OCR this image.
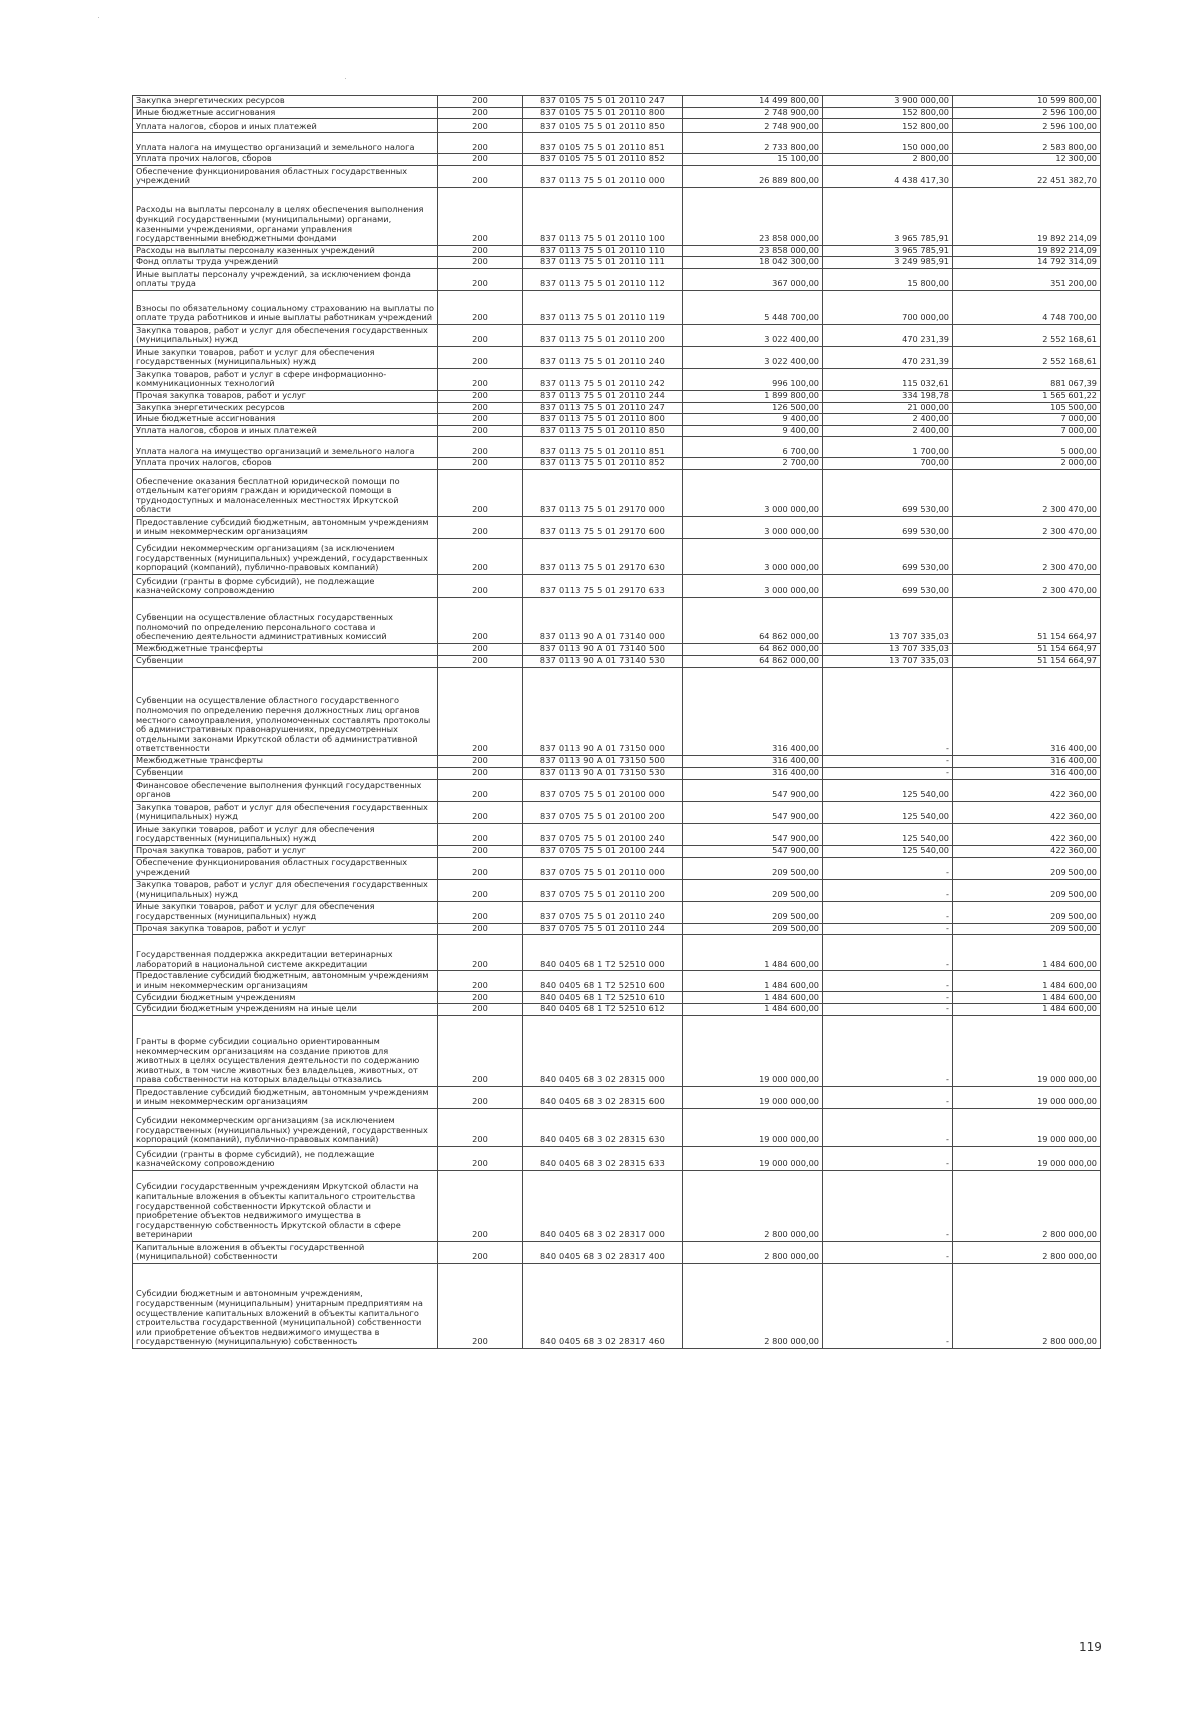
Закупка энергетических ресурсов	200	837 0105 75 5 01 20110 247	14 499 800,00	3 900 000,00	10 599 800,00
Иные бюджетные ассигнования	200	837 0105 75 5 01 20110 800	2 748 900,00	152 800,00	2 596 100,00
Уплата налогов, сборов и иных платежей	200	837 0105 75 5 01 20110 850	2 748 900,00	152 800,00	2 596 100,00
Уплата налога на имущество организаций и земельного налога	200	837 0105 75 5 01 20110 851	2 733 800,00	150 000,00	2 583 800,00
Уплата прочих налогов, сборов	200	837 0105 75 5 01 20110 852	15 100,00	2 800,00	12 300,00
Обеспечение функционирования областных государственных учреждений	200	837 0113 75 5 01 20110 000	26 889 800,00	4 438 417,30	22 451 382,70
Расходы на выплаты персоналу в целях обеспечения выполнения функций государственными (муниципальными) органами, казенными учреждениями, органами управления государственными внебюджетными фондами	200	837 0113 75 5 01 20110 100	23 858 000,00	3 965 785,91	19 892 214,09
Расходы на выплаты персоналу казенных учреждений	200	837 0113 75 5 01 20110 110	23 858 000,00	3 965 785,91	19 892 214,09
Фонд оплаты труда учреждений	200	837 0113 75 5 01 20110 111	18 042 300,00	3 249 985,91	14 792 314,09
Иные выплаты персоналу учреждений, за исключением фонда оплаты труда	200	837 0113 75 5 01 20110 112	367 000,00	15 800,00	351 200,00
Взносы по обязательному социальному страхованию на выплаты по оплате труда работников и иные выплаты работникам учреждений	200	837 0113 75 5 01 20110 119	5 448 700,00	700 000,00	4 748 700,00
Закупка товаров, работ и услуг для обеспечения государственных (муниципальных) нужд	200	837 0113 75 5 01 20110 200	3 022 400,00	470 231,39	2 552 168,61
Иные закупки товаров, работ и услуг для обеспечения государственных (муниципальных) нужд	200	837 0113 75 5 01 20110 240	3 022 400,00	470 231,39	2 552 168,61
Закупка товаров, работ и услуг в сфере информационно-коммуникационных технологий	200	837 0113 75 5 01 20110 242	996 100,00	115 032,61	881 067,39
Прочая закупка товаров, работ и услуг	200	837 0113 75 5 01 20110 244	1 899 800,00	334 198,78	1 565 601,22
Закупка энергетических ресурсов	200	837 0113 75 5 01 20110 247	126 500,00	21 000,00	105 500,00
Иные бюджетные ассигнования	200	837 0113 75 5 01 20110 800	9 400,00	2 400,00	7 000,00
Уплата налогов, сборов и иных платежей	200	837 0113 75 5 01 20110 850	9 400,00	2 400,00	7 000,00
Уплата налога на имущество организаций и земельного налога	200	837 0113 75 5 01 20110 851	6 700,00	1 700,00	5 000,00
Уплата прочих налогов, сборов	200	837 0113 75 5 01 20110 852	2 700,00	700,00	2 000,00
Обеспечение оказания бесплатной юридической помощи по отдельным категориям граждан и юридической помощи в труднодоступных и малонаселенных местностях Иркутской области	200	837 0113 75 5 01 29170 000	3 000 000,00	699 530,00	2 300 470,00
Предоставление субсидий бюджетным, автономным учреждениям и иным некоммерческим организациям	200	837 0113 75 5 01 29170 600	3 000 000,00	699 530,00	2 300 470,00
Субсидии некоммерческим организациям (за исключением государственных (муниципальных) учреждений, государственных корпораций (компаний), публично-правовых компаний)	200	837 0113 75 5 01 29170 630	3 000 000,00	699 530,00	2 300 470,00
Субсидии (гранты в форме субсидий), не подлежащие казначейскому сопровождению	200	837 0113 75 5 01 29170 633	3 000 000,00	699 530,00	2 300 470,00
Субвенции на осуществление областных государственных полномочий по определению персонального состава и обеспечению деятельности административных комиссий	200	837 0113 90 А 01 73140 000	64 862 000,00	13 707 335,03	51 154 664,97
Межбюджетные трансферты	200	837 0113 90 А 01 73140 500	64 862 000,00	13 707 335,03	51 154 664,97
Субвенции	200	837 0113 90 А 01 73140 530	64 862 000,00	13 707 335,03	51 154 664,97
Субвенции на осуществление областного государственного полномочия по определению перечня должностных лиц органов местного самоуправления, уполномоченных составлять протоколы об административных правонарушениях, предусмотренных отдельными законами Иркутской области об административной ответственности	200	837 0113 90 А 01 73150 000	316 400,00	-	316 400,00
Межбюджетные трансферты	200	837 0113 90 А 01 73150 500	316 400,00	-	316 400,00
Субвенции	200	837 0113 90 А 01 73150 530	316 400,00	-	316 400,00
Финансовое обеспечение выполнения функций государственных органов	200	837 0705 75 5 01 20100 000	547 900,00	125 540,00	422 360,00
Закупка товаров, работ и услуг для обеспечения государственных (муниципальных) нужд	200	837 0705 75 5 01 20100 200	547 900,00	125 540,00	422 360,00
Иные закупки товаров, работ и услуг для обеспечения государственных (муниципальных) нужд	200	837 0705 75 5 01 20100 240	547 900,00	125 540,00	422 360,00
Прочая закупка товаров, работ и услуг	200	837 0705 75 5 01 20100 244	547 900,00	125 540,00	422 360,00
Обеспечение функционирования областных государственных учреждений	200	837 0705 75 5 01 20110 000	209 500,00	-	209 500,00
Закупка товаров, работ и услуг для обеспечения государственных (муниципальных) нужд	200	837 0705 75 5 01 20110 200	209 500,00	-	209 500,00
Иные закупки товаров, работ и услуг для обеспечения государственных (муниципальных) нужд	200	837 0705 75 5 01 20110 240	209 500,00	-	209 500,00
Прочая закупка товаров, работ и услуг	200	837 0705 75 5 01 20110 244	209 500,00	-	209 500,00
Государственная поддержка аккредитации ветеринарных лабораторий в национальной системе аккредитации	200	840 0405 68 1 Т2 52510 000	1 484 600,00	-	1 484 600,00
Предоставление субсидий бюджетным, автономным учреждениям и иным некоммерческим организациям	200	840 0405 68 1 Т2 52510 600	1 484 600,00	-	1 484 600,00
Субсидии бюджетным учреждениям	200	840 0405 68 1 Т2 52510 610	1 484 600,00	-	1 484 600,00
Субсидии бюджетным учреждениям на иные цели	200	840 0405 68 1 Т2 52510 612	1 484 600,00	-	1 484 600,00
Гранты в форме субсидии социально ориентированным некоммерческим организациям на создание приютов для животных в целях осуществления деятельности по содержанию животных, в том числе животных без владельцев, животных, от права собственности на которых владельцы отказались	200	840 0405 68 3 02 28315 000	19 000 000,00	-	19 000 000,00
Предоставление субсидий бюджетным, автономным учреждениям и иным некоммерческим организациям	200	840 0405 68 3 02 28315 600	19 000 000,00	-	19 000 000,00
Субсидии некоммерческим организациям (за исключением государственных (муниципальных) учреждений, государственных корпораций (компаний), публично-правовых компаний)	200	840 0405 68 3 02 28315 630	19 000 000,00	-	19 000 000,00
Субсидии (гранты в форме субсидий), не подлежащие казначейскому сопровождению	200	840 0405 68 3 02 28315 633	19 000 000,00	-	19 000 000,00
Субсидии государственным учреждениям Иркутской области на капитальные вложения в объекты капитального строительства государственной собственности Иркутской области и приобретение объектов недвижимого имущества в государственную собственность Иркутской области в сфере ветеринарии	200	840 0405 68 3 02 28317 000	2 800 000,00	-	2 800 000,00
Капитальные вложения в объекты государственной (муниципальной) собственности	200	840 0405 68 3 02 28317 400	2 800 000,00	-	2 800 000,00
Субсидии бюджетным и автономным учреждениям, государственным (муниципальным) унитарным предприятиям на осуществление капитальных вложений в объекты капитального строительства государственной (муниципальной) собственности или приобретение объектов недвижимого имущества в государственную (муниципальную) собственность	200	840 0405 68 3 02 28317 460	2 800 000,00	-	2 800 000,00
119
